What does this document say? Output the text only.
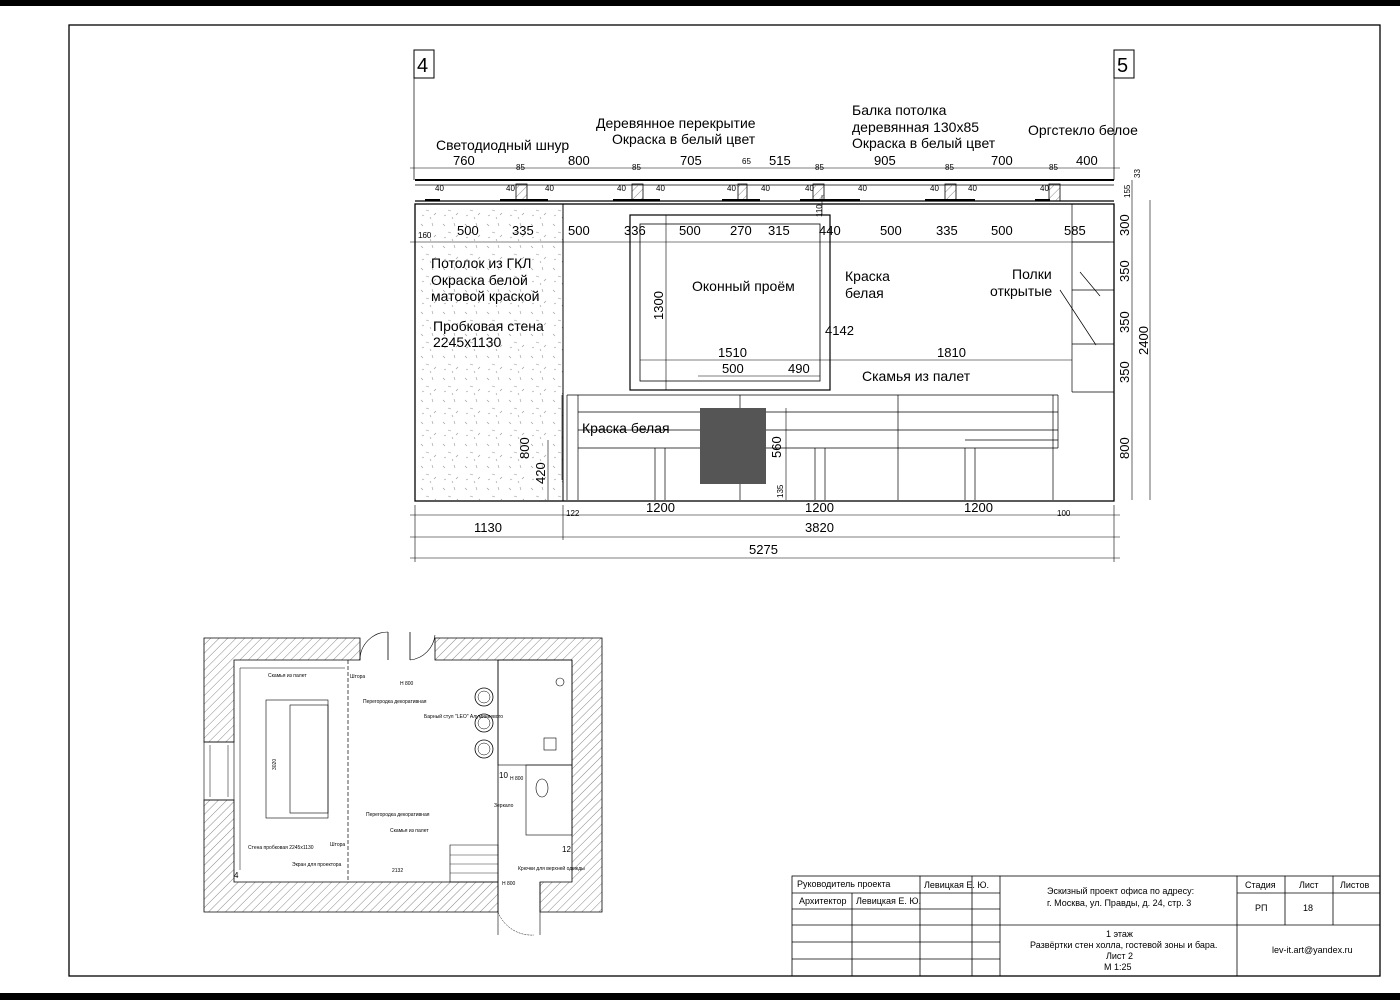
4	5
Светодиодный шнур
Деревянное перекрытие
Окраска в белый цвет
Балка потолка
деревянная 130х85
Окраска в белый цвет
Оргстекло белое
Потолок из ГКЛ
Окраска белой
матовой краской
Пробковая стена
2245х1130
Оконный проём
Краска
белая
Полки
открытые
Скамья из палет
Краска белая
760	800	705	515	905	700	400
85	85
65
85	85	85
40	40	40	40	40	40	40	40	40	40	40	40
33
155
110
160 500	335	500	336	500 270 315 440	500	335	500	585 300
350
350
350
800
2400
1300
4142
1510	1810
500	490
800
420
560
135
122	1200	1200	1200	100
1130	3820
5275
Скамья из палет
Перегородка декоративная
Барный стул "LEO" Алуминиевого
Штора
H 800
Стена пробковая 2245х1130
Экран для проектора
Перегородка декоративная
Скамья из палет
Штора
Зеркало
Крючки для верхней одежды
H 800
H 800
10
12
4	2132
3020
Руководитель проекта	Левицкая Е. Ю.
Архитектор Левицкая Е. Ю.
Эскизный проект офиса по адресу:
г. Москва, ул. Правды, д. 24, стр. 3
Стадия	Лист Листов
РП	18
1 этаж
Развёртки стен холла, гостевой зоны и бара.
Лист 2
М 1:25
lev-it.art@yandex.ru
